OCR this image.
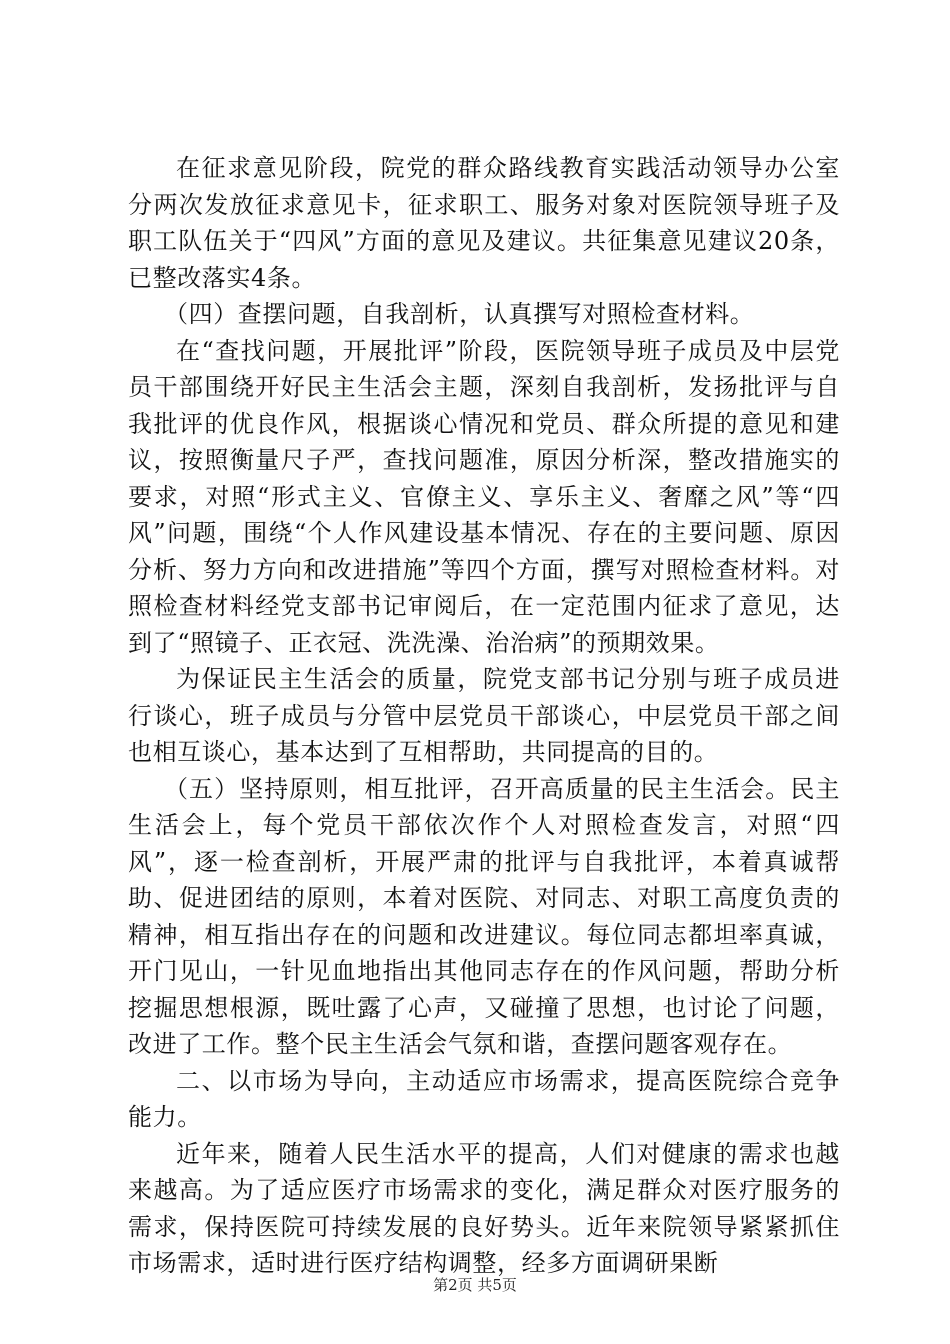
在征求意见阶段，院党的群众路线教育实践活动领导办公室分两次发放征求意见卡，征求职工、服务对象对医院领导班子及职工队伍关于“四风”方面的意见及建议。共征集意见建议20条，已整改落实4条。

（四）查摆问题，自我剖析，认真撰写对照检查材料。

在“查找问题，开展批评”阶段，医院领导班子成员及中层党员干部围绕开好民主生活会主题，深刻自我剖析，发扬批评与自我批评的优良作风，根据谈心情况和党员、群众所提的意见和建议，按照衡量尺子严，查找问题准，原因分析深，整改措施实的要求，对照“形式主义、官僚主义、享乐主义、奢靡之风”等“四风”问题，围绕“个人作风建设基本情况、存在的主要问题、原因分析、努力方向和改进措施”等四个方面，撰写对照检查材料。对照检查材料经党支部书记审阅后，在一定范围内征求了意见，达到了“照镜子、正衣冠、洗洗澡、治治病”的预期效果。

为保证民主生活会的质量，院党支部书记分别与班子成员进行谈心，班子成员与分管中层党员干部谈心，中层党员干部之间也相互谈心，基本达到了互相帮助，共同提高的目的。

（五）坚持原则，相互批评，召开高质量的民主生活会。民主生活会上，每个党员干部依次作个人对照检查发言，对照“四风”，逐一检查剖析，开展严肃的批评与自我批评，本着真诚帮助、促进团结的原则，本着对医院、对同志、对职工高度负责的精神，相互指出存在的问题和改进建议。每位同志都坦率真诚，开门见山，一针见血地指出其他同志存在的作风问题，帮助分析挖掘思想根源，既吐露了心声，又碰撞了思想，也讨论了问题，改进了工作。整个民主生活会气氛和谐，查摆问题客观存在。

二、以市场为导向，主动适应市场需求，提高医院综合竞争能力。

近年来，随着人民生活水平的提高，人们对健康的需求也越来越高。为了适应医疗市场需求的变化，满足群众对医疗服务的需求，保持医院可持续发展的良好势头。近年来院领导紧紧抓住市场需求，适时进行医疗结构调整，经多方面调研果断

第2页 共5页
